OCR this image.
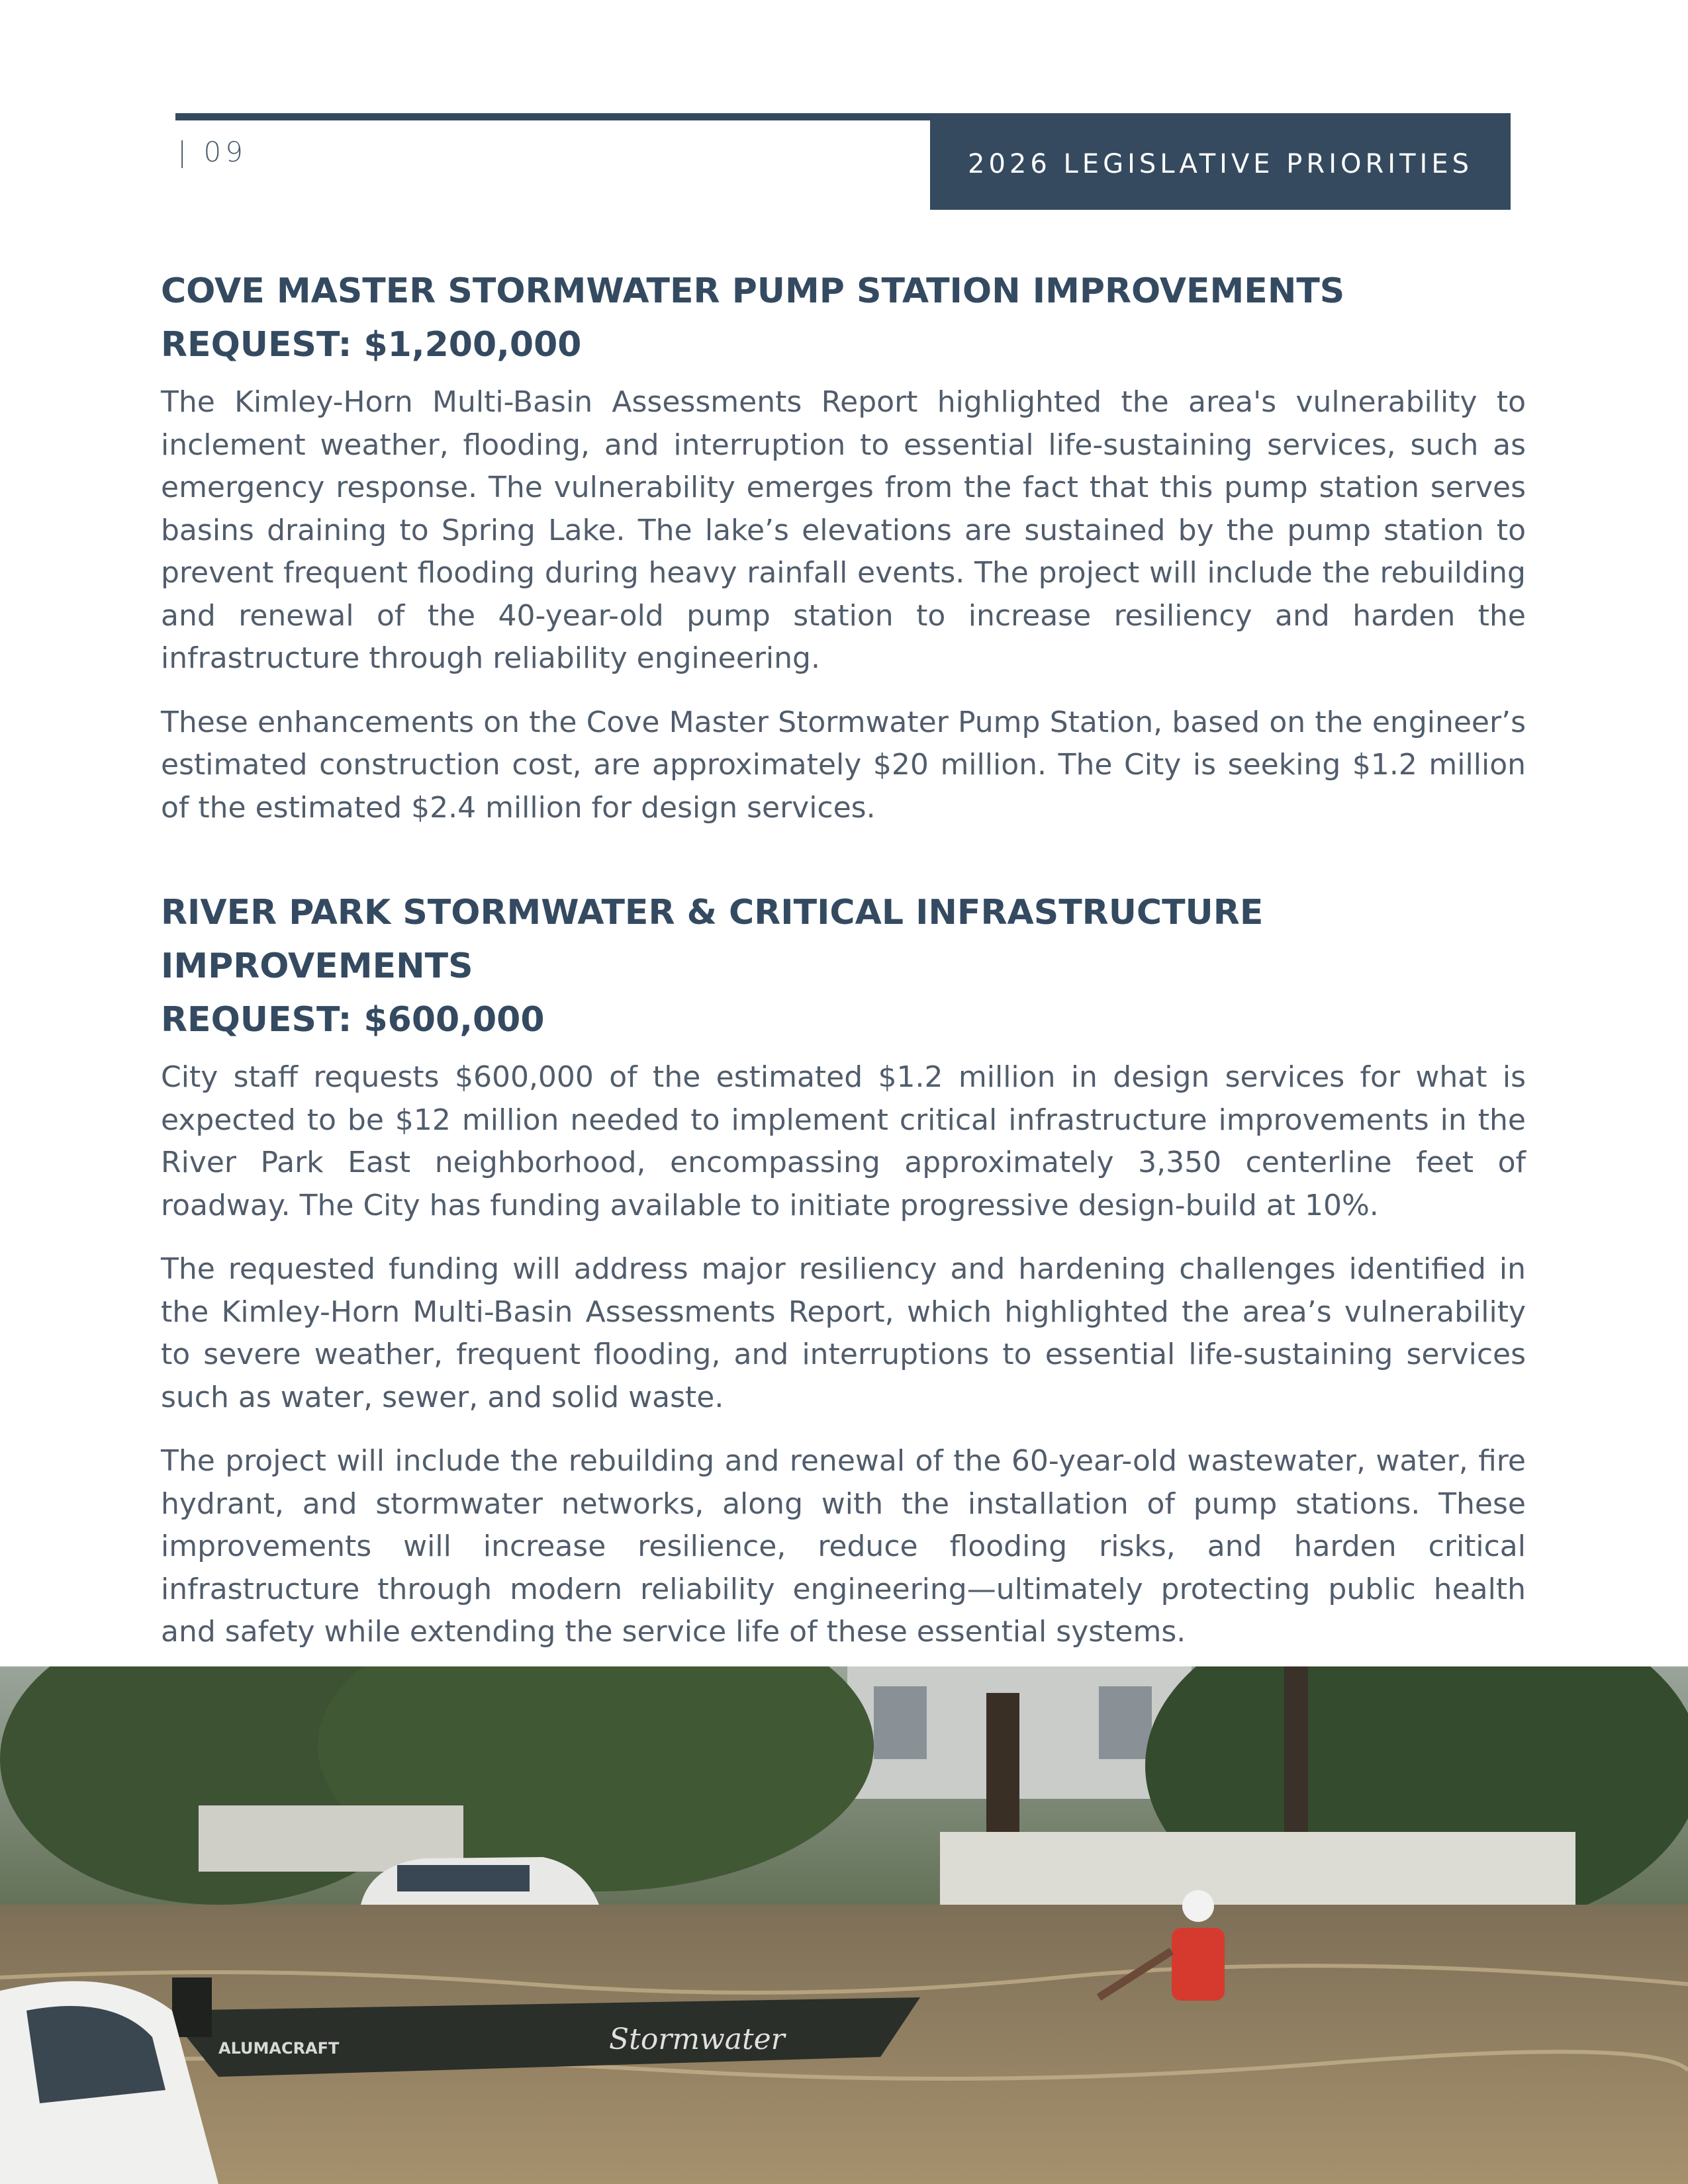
| 09	2026 LEGISLATIVE PRIORITIES
COVE MASTER STORMWATER PUMP STATION IMPROVEMENTS
REQUEST: $1,200,000

The Kimley-Horn Multi-Basin Assessments Report highlighted the area's vulnerability to inclement weather, flooding, and interruption to essential life-sustaining services, such as emergency response. The vulnerability emerges from the fact that this pump station serves basins draining to Spring Lake. The lake’s elevations are sustained by the pump station to prevent frequent flooding during heavy rainfall events. The project will include the rebuilding and renewal of the 40-year-old pump station to increase resiliency and harden the infrastructure through reliability engineering.

These enhancements on the Cove Master Stormwater Pump Station, based on the engineer’s estimated construction cost, are approximately $20 million. The City is seeking $1.2 million of the estimated $2.4 million for design services.

RIVER PARK STORMWATER & CRITICAL INFRASTRUCTURE
IMPROVEMENTS
REQUEST: $600,000

City staff requests $600,000 of the estimated $1.2 million in design services for what is expected to be $12 million needed to implement critical infrastructure improvements in the River Park East neighborhood, encompassing approximately 3,350 centerline feet of roadway. The City has funding available to initiate progressive design-build at 10%.

The requested funding will address major resiliency and hardening challenges identified in the Kimley-Horn Multi-Basin Assessments Report, which highlighted the area’s vulnerability to severe weather, frequent flooding, and interruptions to essential life-sustaining services such as water, sewer, and solid waste.

The project will include the rebuilding and renewal of the 60-year-old wastewater, water, fire hydrant, and stormwater networks, along with the installation of pump stations. These improvements will increase resilience, reduce flooding risks, and harden critical infrastructure through modern reliability engineering—ultimately protecting public health and safety while extending the service life of these essential systems.

ALUMACRAFT	Stormwater
